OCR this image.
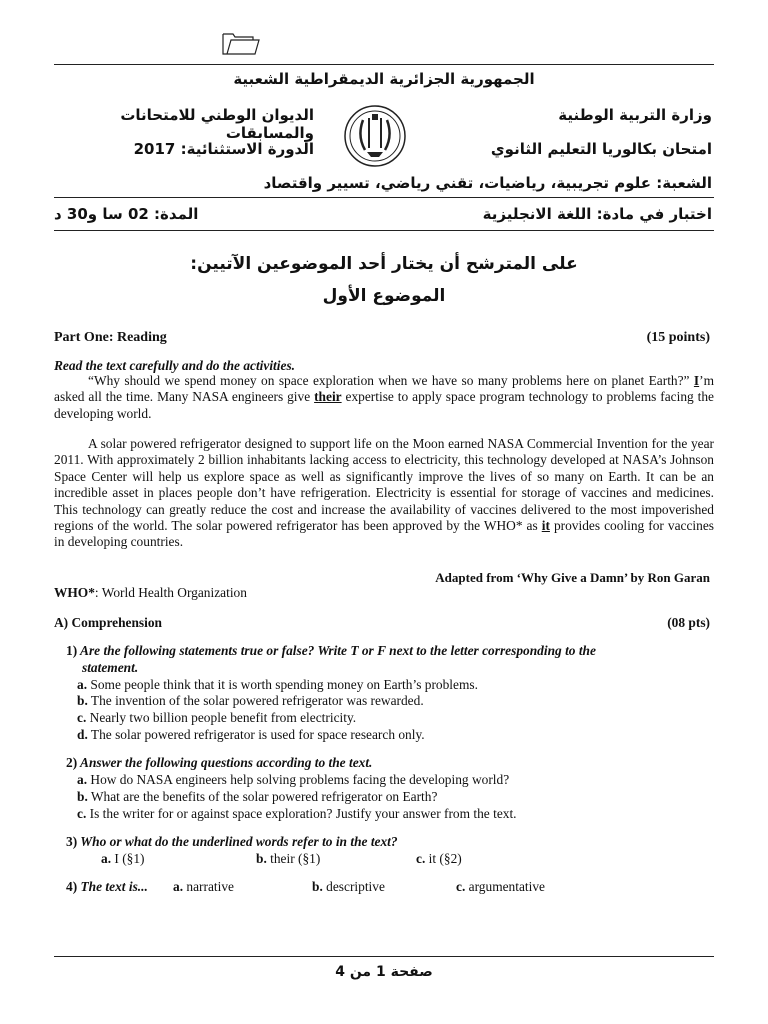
الجمهورية الجزائرية الديمقراطية الشعبية
وزارة التربية الوطنية
الديوان الوطني للامتحانات والمسابقات
امتحان بكالوريا التعليم الثانوي
الدورة الاستثنائية: 2017
الشعبة: علوم تجريبية، رياضيات، تقني رياضي، تسيير واقتصاد
اختبار في مادة: اللغة الانجليزية
المدة: 02 سا و30 د
على المترشح أن يختار أحد الموضوعين الآتيين:
الموضوع الأول
Part One: Reading	(15 points)
Read the text carefully and do the activities.
“Why should we spend money on space exploration when we have so many problems here on planet Earth?” I’m asked all the time. Many NASA engineers give their expertise to apply space program technology to problems facing the developing world.
A solar powered refrigerator designed to support life on the Moon earned NASA Commercial Invention for the year 2011. With approximately 2 billion inhabitants lacking access to electricity, this technology developed at NASA’s Johnson Space Center will help us explore space as well as significantly improve the lives of so many on Earth. It can be an incredible asset in places people don’t have refrigeration. Electricity is essential for storage of vaccines and medicines. This technology can greatly reduce the cost and increase the availability of vaccines delivered to the most impoverished regions of the world. The solar powered refrigerator has been approved by the WHO* as it provides cooling for vaccines in developing countries.
Adapted from ‘Why Give a Damn’ by Ron Garan
WHO*: World Health Organization
A) Comprehension	(08 pts)
1) Are the following statements true or false? Write T or F next to the letter corresponding to the
statement.
a. Some people think that it is worth spending money on Earth’s problems.
b. The invention of the solar powered refrigerator was rewarded.
c. Nearly two billion people benefit from electricity.
d. The solar powered refrigerator is used for space research only.
2) Answer the following questions according to the text.
a. How do NASA engineers help solving problems facing the developing world?
b. What are the benefits of the solar powered refrigerator on Earth?
c. Is the writer for or against space exploration? Justify your answer from the text.
3) Who or what do the underlined words refer to in the text?
a. I (§1)	b. their (§1)	c. it (§2)
4) The text is... a. narrative	b. descriptive	c. argumentative
صفحة 1 من 4
